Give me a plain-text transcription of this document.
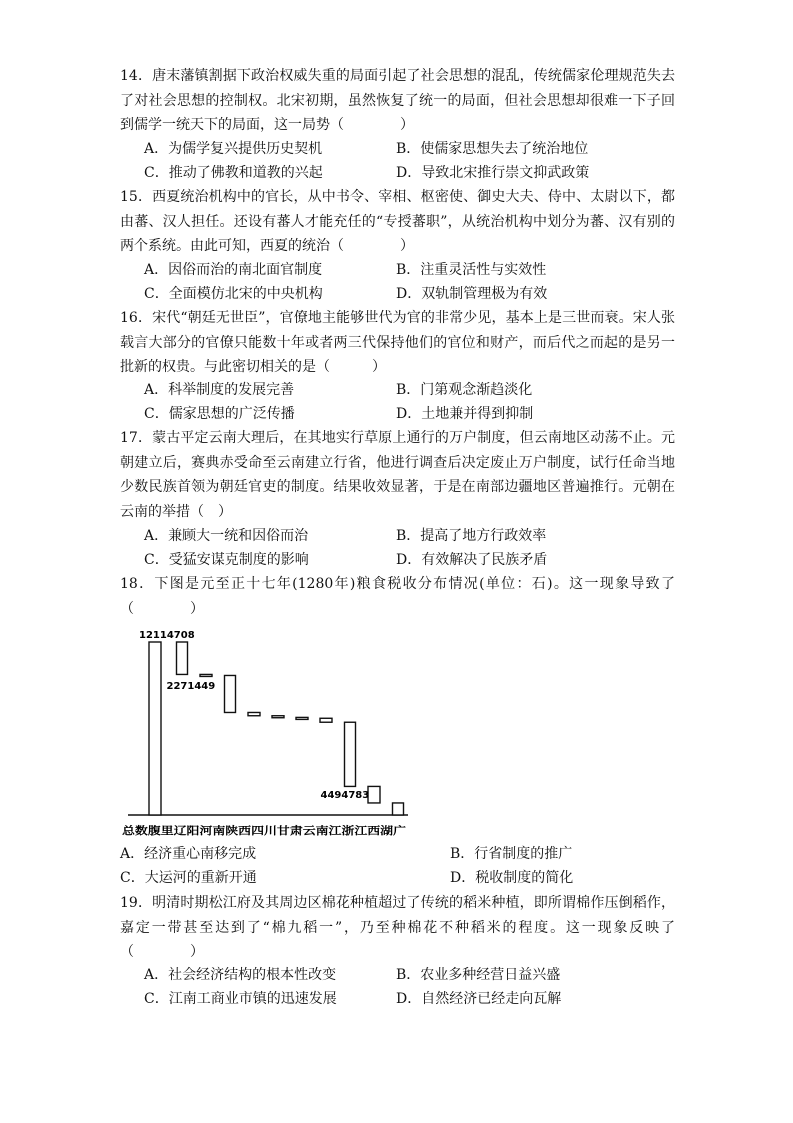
14．唐末藩镇割据下政治权威失重的局面引起了社会思想的混乱，传统儒家伦理规范失去了对社会思想的控制权。北宋初期，虽然恢复了统一的局面，但社会思想却很难一下子回到儒学一统天下的局面，这一局势（　　　　）
A．为儒学复兴提供历史契机	B．使儒家思想失去了统治地位
C．推动了佛教和道教的兴起	D．导致北宋推行崇文抑武政策
15．西夏统治机构中的官长，从中书令、宰相、枢密使、御史大夫、侍中、太尉以下，都由蕃、汉人担任。还设有蕃人才能充任的“专授蕃职”，从统治机构中划分为蕃、汉有别的两个系统。由此可知，西夏的统治（　　　　）
A．因俗而治的南北面官制度	B．注重灵活性与实效性
C．全面模仿北宋的中央机构	D．双轨制管理极为有效
16．宋代“朝廷无世臣”，官僚地主能够世代为官的非常少见，基本上是三世而衰。宋人张载言大部分的官僚只能数十年或者两三代保持他们的官位和财产，而后代之而起的是另一批新的权贵。与此密切相关的是（　　　）
A．科举制度的发展完善	B．门第观念渐趋淡化
C．儒家思想的广泛传播	D．土地兼并得到抑制
17．蒙古平定云南大理后，在其地实行草原上通行的万户制度，但云南地区动荡不止。元朝建立后，赛典赤受命至云南建立行省，他进行调查后决定废止万户制度，试行任命当地少数民族首领为朝廷官吏的制度。结果收效显著，于是在南部边疆地区普遍推行。元朝在云南的举措（　）
A．兼顾大一统和因俗而治	B．提高了地方行政效率
C．受猛安谋克制度的影响	D．有效解决了民族矛盾
18．下图是元至正十七年(1280年)粮食税收分布情况(单位：石)。这一现象导致了（　　　　）
12114708
2271449
4494783
总数腹里辽阳河南陕西四川甘肃云南江浙江西湖广
A．经济重心南移完成	B．行省制度的推广
C．大运河的重新开通	D．税收制度的简化
19．明清时期松江府及其周边区棉花种植超过了传统的稻米种植，即所谓棉作压倒稻作，嘉定一带甚至达到了“棉九稻一”，乃至种棉花不种稻米的程度。这一现象反映了（　　　　）
A．社会经济结构的根本性改变	B．农业多种经营日益兴盛
C．江南工商业市镇的迅速发展	D．自然经济已经走向瓦解
